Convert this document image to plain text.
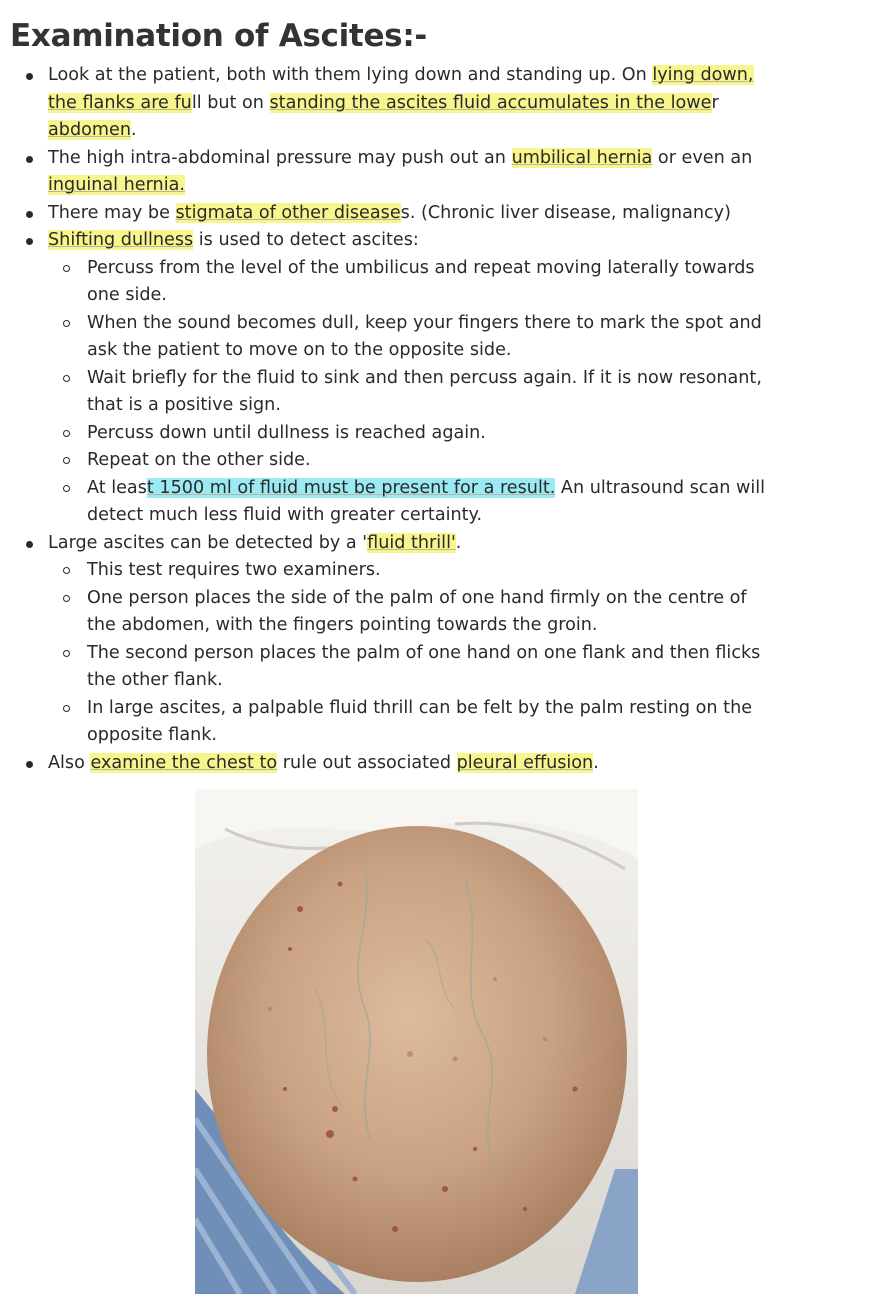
Examination of Ascites:-
Look at the patient, both with them lying down and standing up. On lying down,
the flanks are full but on standing the ascites fluid accumulates in the lower
abdomen.
The high intra-abdominal pressure may push out an umbilical hernia or even an
inguinal hernia.
There may be stigmata of other diseases. (Chronic liver disease, malignancy)
Shifting dullness is used to detect ascites:
Percuss from the level of the umbilicus and repeat moving laterally towards
one side.
When the sound becomes dull, keep your fingers there to mark the spot and
ask the patient to move on to the opposite side.
Wait briefly for the fluid to sink and then percuss again. If it is now resonant,
that is a positive sign.
Percuss down until dullness is reached again.
Repeat on the other side.
At least 1500 ml of fluid must be present for a result. An ultrasound scan will
detect much less fluid with greater certainty.
Large ascites can be detected by a 'fluid thrill'.
This test requires two examiners.
One person places the side of the palm of one hand firmly on the centre of
the abdomen, with the fingers pointing towards the groin.
The second person places the palm of one hand on one flank and then flicks
the other flank.
In large ascites, a palpable fluid thrill can be felt by the palm resting on the
opposite flank.
Also examine the chest to rule out associated pleural effusion.
